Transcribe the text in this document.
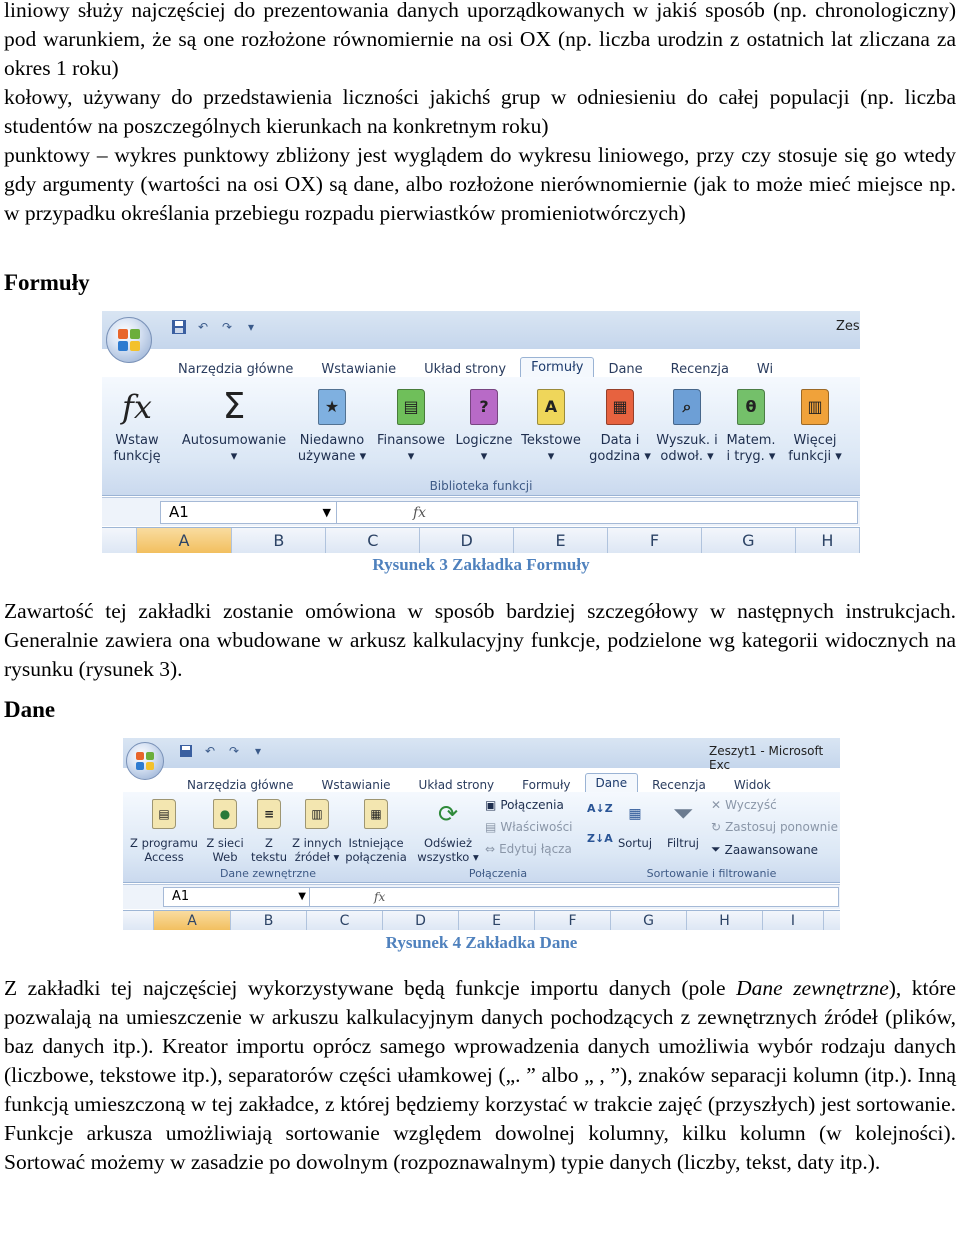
liniowy służy najczęściej do prezentowania danych uporządkowanych w jakiś sposób (np. chronologiczny) pod warunkiem, że są one rozłożone równomiernie na osi OX (np. liczba urodzin z ostatnich lat zliczana za okres 1 roku)

kołowy, używany do przedstawienia liczności jakichś grup w odniesieniu do całej populacji (np. liczba studentów na poszczególnych kierunkach na konkretnym roku)

punktowy – wykres punktowy zbliżony jest wyglądem do wykresu liniowego, przy czy stosuje się go wtedy gdy argumenty (wartości na osi OX) są dane, albo rozłożone nierównomiernie (jak to może mieć miejsce np. w przypadku określania przebiegu rozpadu pierwiastków promieniotwórczych)

Formuły
↶	↷	▾	Zes
Narzędzia główne	Wstawianie	Układ strony	Formuły	Dane	Recenzja	Wi
fx
Wstaw
funkcję
Σ
Autosumowanie
▾
★
Niedawno
używane ▾
▤
Finansowe
▾
?
Logiczne
▾
A
Tekstowe
▾
▦
Data i
godzina ▾
⌕
Wyszuk. i
odwoł. ▾
θ
Matem.
i tryg. ▾
▥
Więcej
funkcji ▾
Biblioteka funkcji
A1	▼	fx
A	B	C	D	E	F	G	H
Rysunek 3 Zakładka Formuły

Zawartość tej zakładki zostanie omówiona w sposób bardziej szczegółowy w następnych instrukcjach. Generalnie zawiera ona wbudowane w arkusz kalkulacyjny funkcje, podzielone wg kategorii widocznych na rysunku (rysunek 3).

Dane
↶	↷	▾	Zeszyt1 - Microsoft Exc
Narzędzia główne	Wstawianie	Układ strony	Formuły	Dane	Recenzja	Widok
▤
Z programu
Access
●
Z sieci
Web
≡
Z
tekstu
▥
Z innych
źródeł ▾
▦
Istniejące
połączenia
Dane zewnętrzne
⟳
Odśwież
wszystko ▾
▣ Połączenia
▤ Właściwości
⇔ Edytuj łącza
Połączenia
A↓Z
Z↓A
▦
Sortuj
⏷
Filtruj
✕ Wyczyść
↻ Zastosuj ponownie
⏷ Zaawansowane
Sortowanie i filtrowanie
A1	▼	fx
A	B	C	D	E	F	G	H	I
Rysunek 4 Zakładka Dane

Z zakładki tej najczęściej wykorzystywane będą funkcje importu danych (pole Dane zewnętrzne), które pozwalają na umieszczenie w arkuszu kalkulacyjnym danych pochodzących z zewnętrznych źródeł (plików, baz danych itp.). Kreator importu oprócz samego wprowadzenia danych umożliwia wybór rodzaju danych (liczbowe, tekstowe itp.), separatorów części ułamkowej („. ” albo „ , ”), znaków separacji kolumn (itp.). Inną funkcją umieszczoną w tej zakładce, z której będziemy korzystać w trakcie zajęć (przyszłych) jest sortowanie. Funkcje arkusza umożliwiają sortowanie względem dowolnej kolumny, kilku kolumn (w kolejności). Sortować możemy w zasadzie po dowolnym (rozpoznawalnym) typie danych (liczby, tekst, daty itp.).
